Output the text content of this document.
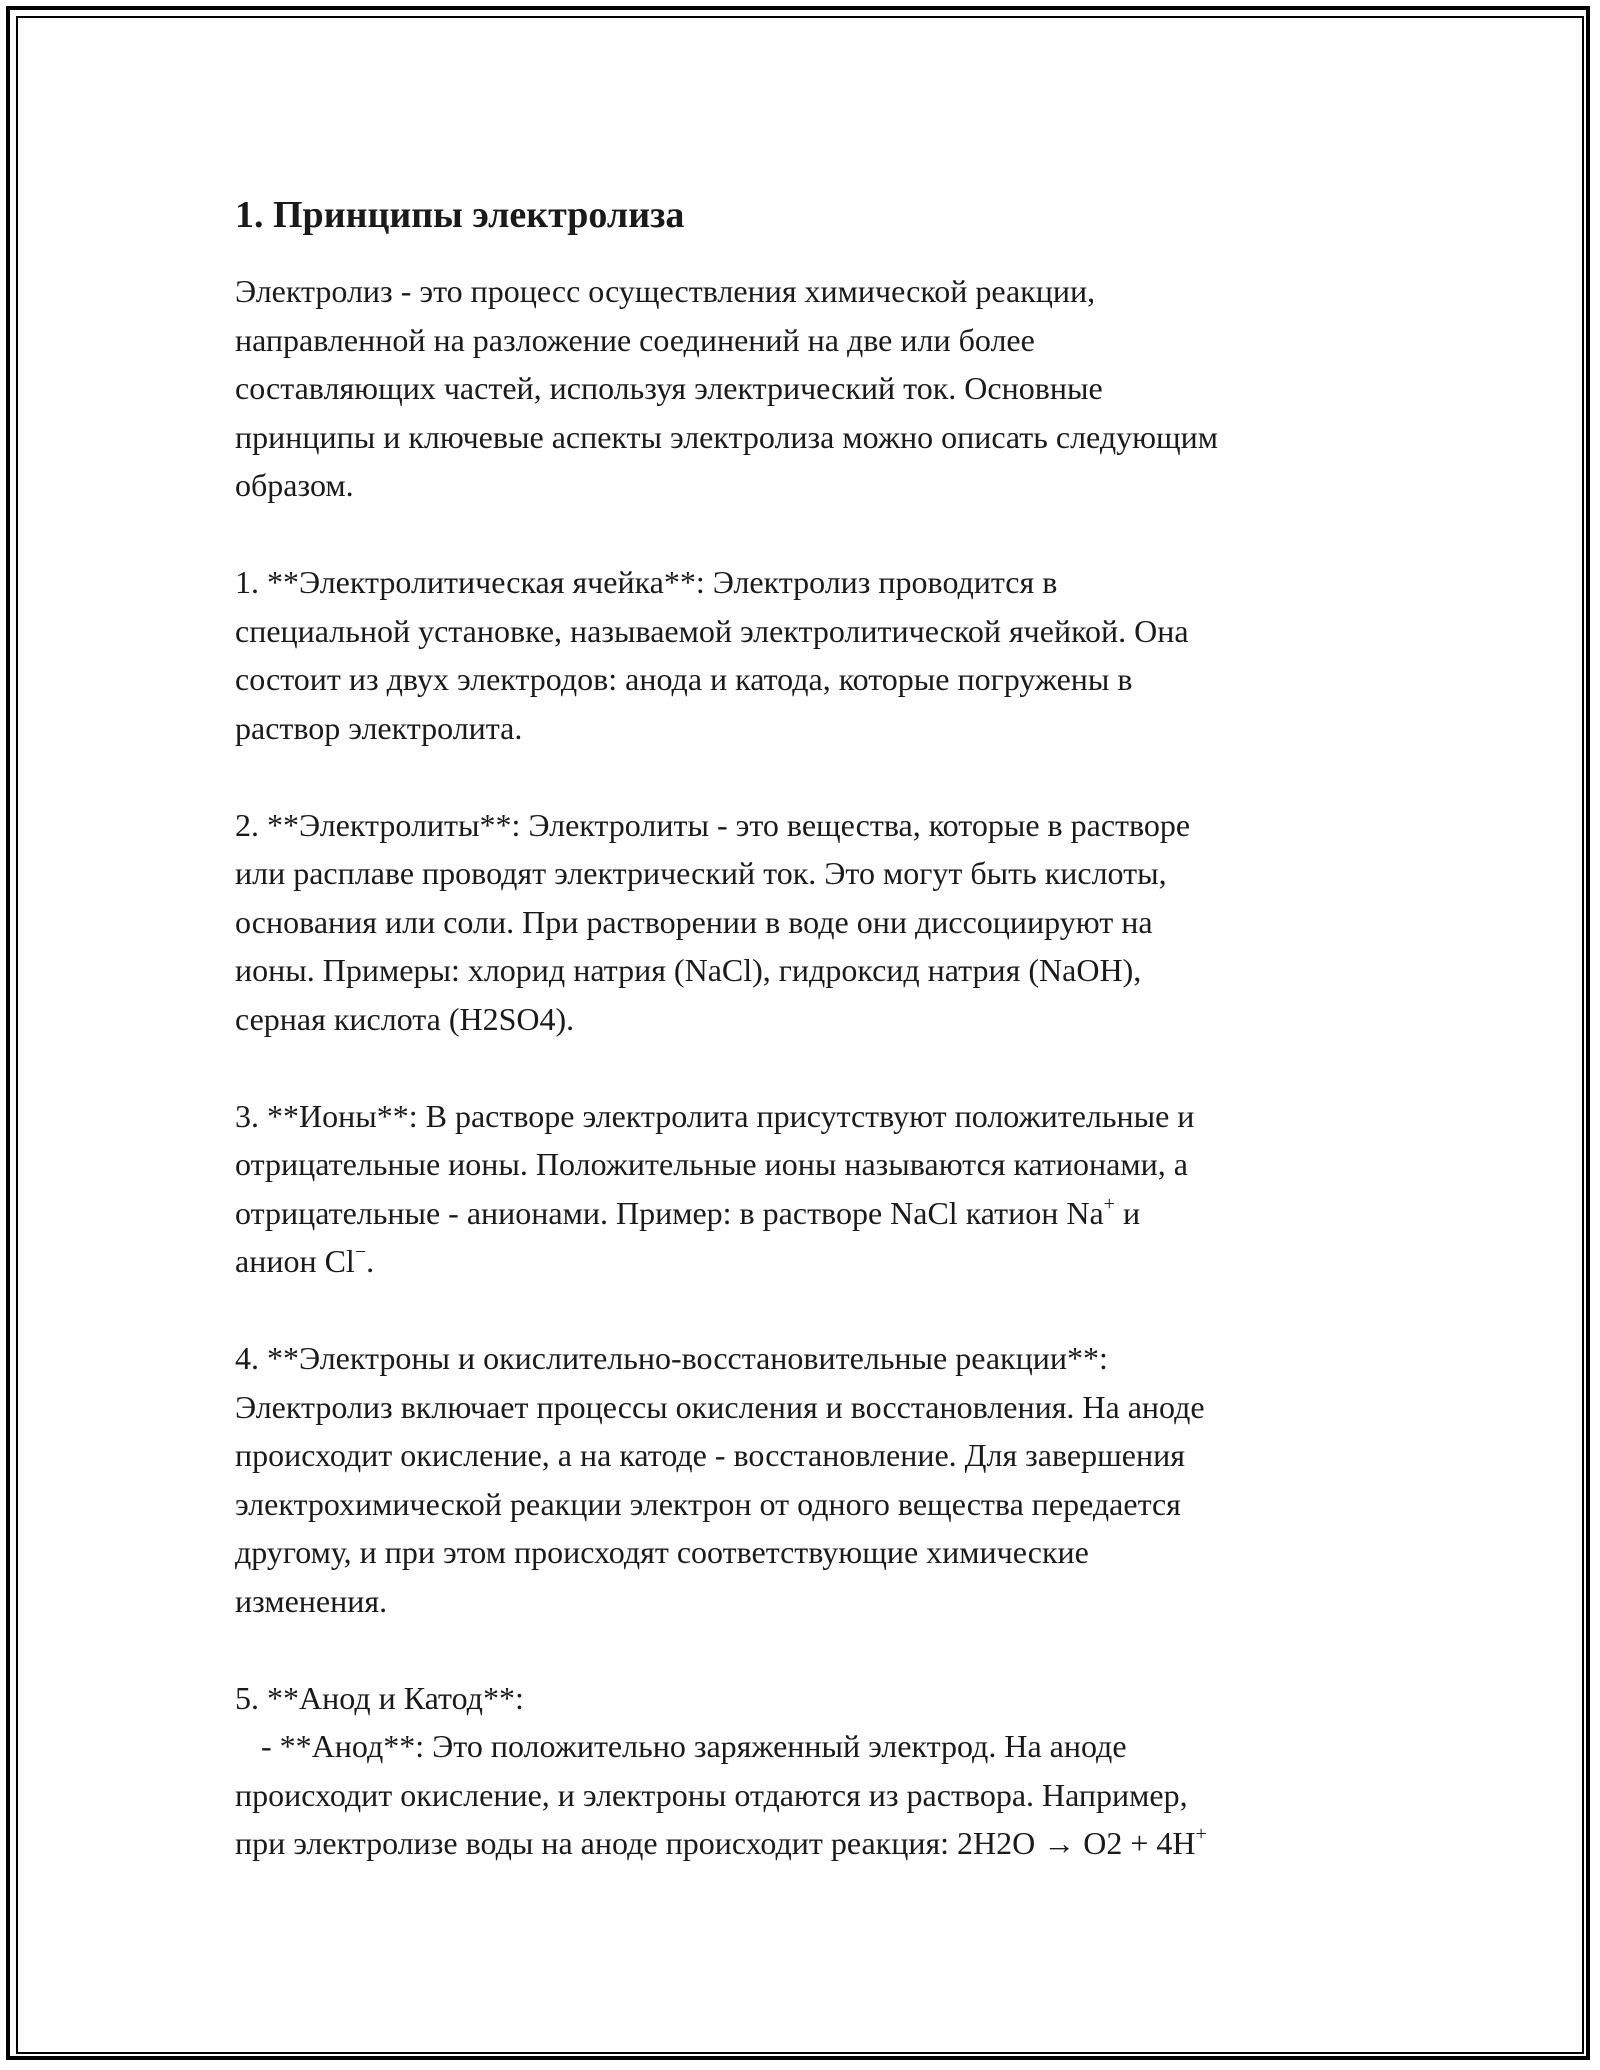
1. Принципы электролиза

Электролиз - это процесс осуществления химической реакции,

направленной на разложение соединений на две или более

составляющих частей, используя электрический ток. Основные

принципы и ключевые аспекты электролиза можно описать следующим

образом.

1. **Электролитическая ячейка**: Электролиз проводится в

специальной установке, называемой электролитической ячейкой. Она

состоит из двух электродов: анода и катода, которые погружены в

раствор электролита.

2. **Электролиты**: Электролиты - это вещества, которые в растворе

или расплаве проводят электрический ток. Это могут быть кислоты,

основания или соли. При растворении в воде они диссоциируют на

ионы. Примеры: хлорид натрия (NaCl), гидроксид натрия (NaOH),

серная кислота (H2SO4).

3. **Ионы**: В растворе электролита присутствуют положительные и

отрицательные ионы. Положительные ионы называются катионами, а

отрицательные - анионами. Пример: в растворе NaCl катион Na+ и

анион Cl−.

4. **Электроны и окислительно-восстановительные реакции**:

Электролиз включает процессы окисления и восстановления. На аноде

происходит окисление, а на катоде - восстановление. Для завершения

электрохимической реакции электрон от одного вещества передается

другому, и при этом происходят соответствующие химические

изменения.

5. **Анод и Катод**:

- **Анод**: Это положительно заряженный электрод. На аноде

происходит окисление, и электроны отдаются из раствора. Например,

при электролизе воды на аноде происходит реакция: 2H2O → O2 + 4H+
